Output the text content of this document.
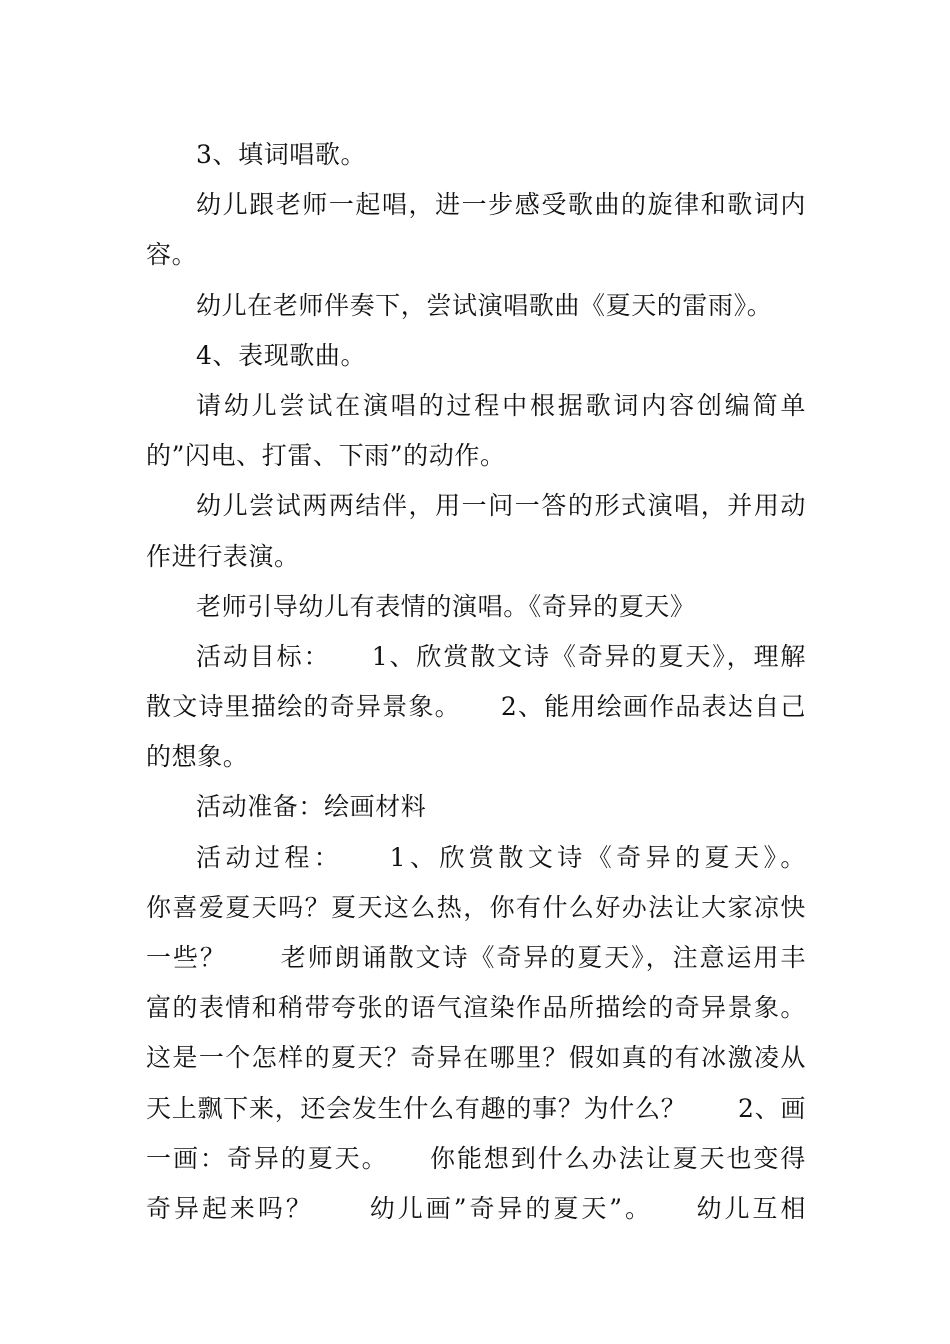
3、填词唱歌。
幼儿跟老师一起唱，进一步感受歌曲的旋律和歌词内
容。
幼儿在老师伴奏下，尝试演唱歌曲《夏天的雷雨》。
4、表现歌曲。
请幼儿尝试在演唱的过程中根据歌词内容创编简单
的”闪电、打雷、下雨”的动作。
幼儿尝试两两结伴，用一问一答的形式演唱，并用动
作进行表演。
老师引导幼儿有表情的演唱。《奇异的夏天》
活动目标：　　1、欣赏散文诗《奇异的夏天》，理解
散文诗里描绘的奇异景象。　　2、能用绘画作品表达自己
的想象。
活动准备：绘画材料
活动过程：　　1、欣赏散文诗《奇异的夏天》。
你喜爱夏天吗？夏天这么热，你有什么好办法让大家凉快
一些？　　老师朗诵散文诗《奇异的夏天》，注意运用丰
富的表情和稍带夸张的语气渲染作品所描绘的奇异景象。
这是一个怎样的夏天？奇异在哪里？假如真的有冰激凌从
天上飘下来，还会发生什么有趣的事？为什么？　　2、画
一画：奇异的夏天。　　你能想到什么办法让夏天也变得
奇异起来吗？　　幼儿画”奇异的夏天”。　　幼儿互相
